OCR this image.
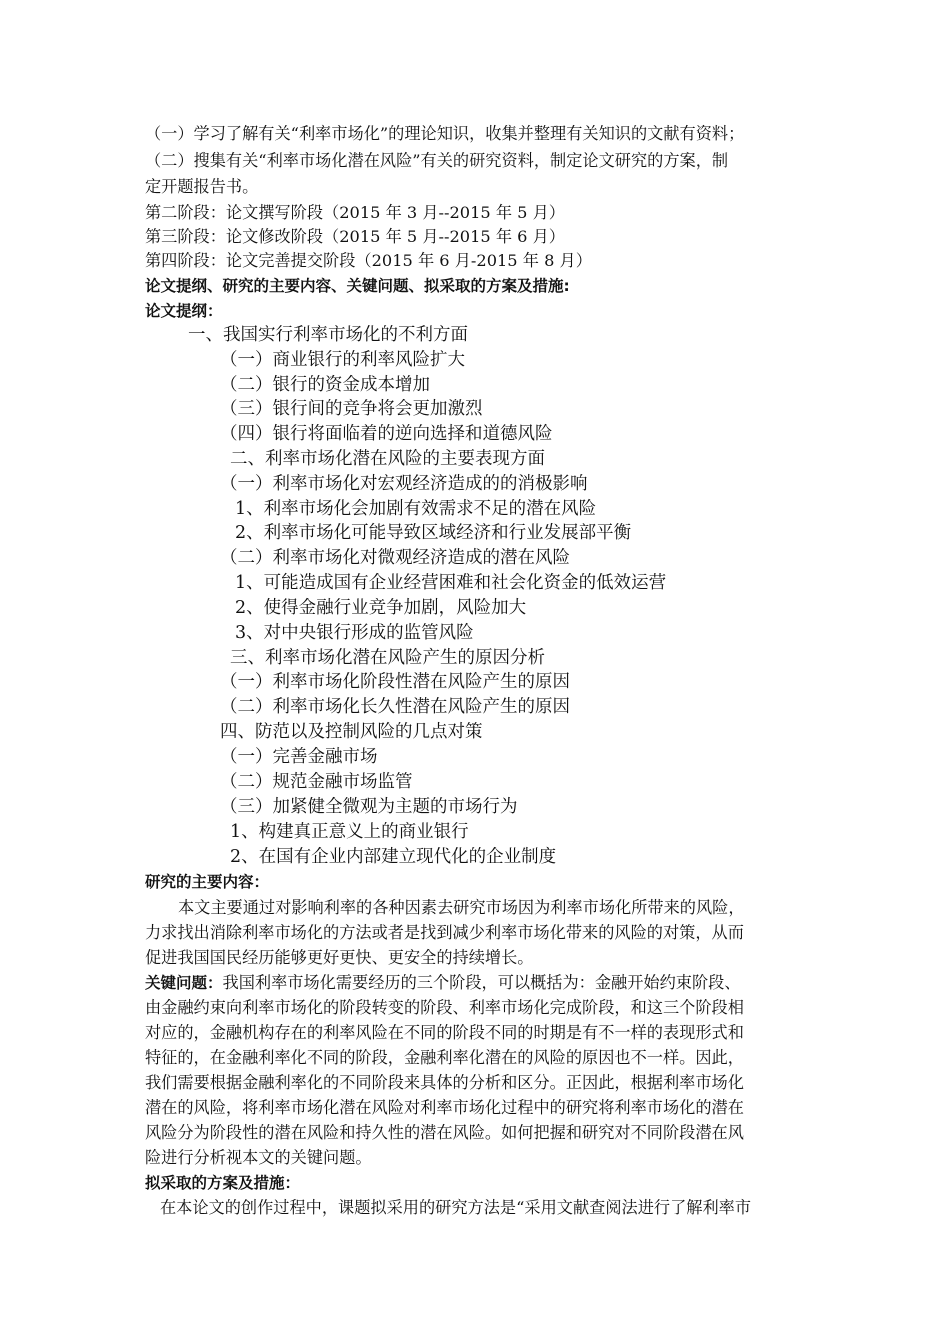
（一）学习了解有关“利率市场化”的理论知识，收集并整理有关知识的文献有资料；
（二）搜集有关“利率市场化潜在风险”有关的研究资料，制定论文研究的方案，制
定开题报告书。
第二阶段：论文撰写阶段（2015 年 3 月--2015 年 5 月）
第三阶段：论文修改阶段（2015 年 5 月--2015 年 6 月）
第四阶段：论文完善提交阶段（2015 年 6 月-2015 年 8 月）
论文提纲、研究的主要内容、关键问题、拟采取的方案及措施:
论文提纲：
一、我国实行利率市场化的不利方面
（一）商业银行的利率风险扩大
（二）银行的资金成本增加
（三）银行间的竞争将会更加激烈
（四）银行将面临着的逆向选择和道德风险
二、利率市场化潜在风险的主要表现方面
（一）利率市场化对宏观经济造成的的消极影响
1、利率市场化会加剧有效需求不足的潜在风险
2、利率市场化可能导致区域经济和行业发展部平衡
（二）利率市场化对微观经济造成的潜在风险
1、可能造成国有企业经营困难和社会化资金的低效运营
2、使得金融行业竞争加剧，风险加大
3、对中央银行形成的监管风险
三、利率市场化潜在风险产生的原因分析
（一）利率市场化阶段性潜在风险产生的原因
（二）利率市场化长久性潜在风险产生的原因
四、防范以及控制风险的几点对策
（一）完善金融市场
（二）规范金融市场监管
（三）加紧健全微观为主题的市场行为
1、构建真正意义上的商业银行
2、在国有企业内部建立现代化的企业制度
研究的主要内容：
本文主要通过对影响利率的各种因素去研究市场因为利率市场化所带来的风险，
力求找出消除利率市场化的方法或者是找到减少利率市场化带来的风险的对策，从而
促进我国国民经历能够更好更快、更安全的持续增长。
关键问题：我国利率市场化需要经历的三个阶段，可以概括为：金融开始约束阶段、
由金融约束向利率市场化的阶段转变的阶段、利率市场化完成阶段，和这三个阶段相
对应的，金融机构存在的利率风险在不同的阶段不同的时期是有不一样的表现形式和
特征的，在金融利率化不同的阶段，金融利率化潜在的风险的原因也不一样。因此，
我们需要根据金融利率化的不同阶段来具体的分析和区分。正因此，根据利率市场化
潜在的风险，将利率市场化潜在风险对利率市场化过程中的研究将利率市场化的潜在
风险分为阶段性的潜在风险和持久性的潜在风险。如何把握和研究对不同阶段潜在风
险进行分析视本文的关键问题。
拟采取的方案及措施：
在本论文的创作过程中，课题拟采用的研究方法是“采用文献查阅法进行了解利率市
